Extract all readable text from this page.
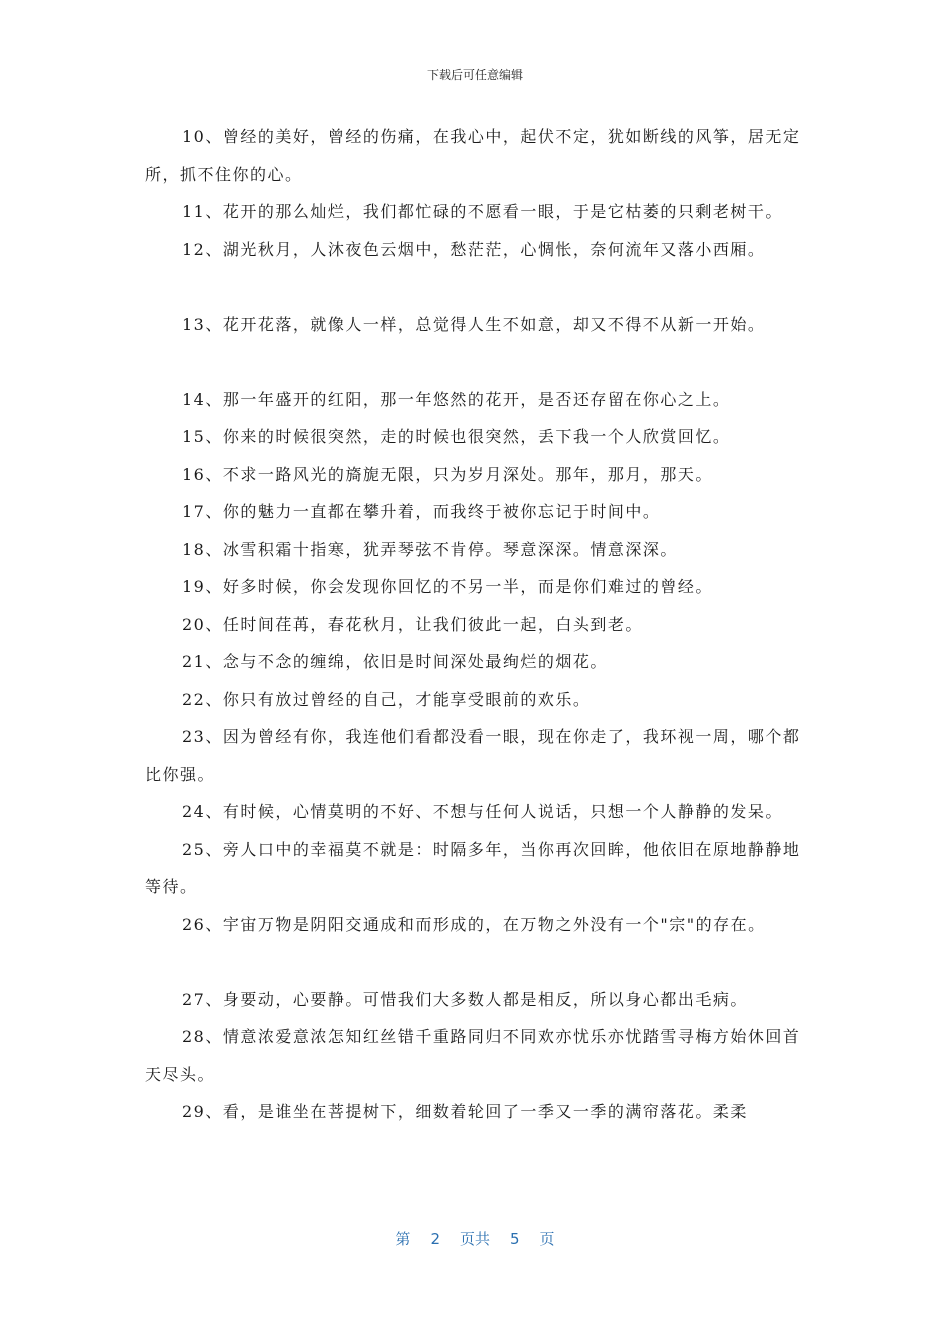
下载后可任意编辑

10、曾经的美好，曾经的伤痛，在我心中，起伏不定，犹如断线的风筝，居无定所，抓不住你的心。

11、花开的那么灿烂，我们都忙碌的不愿看一眼，于是它枯萎的只剩老树干。

12、湖光秋月，人沐夜色云烟中，愁茫茫，心惆怅，奈何流年又落小西厢。

13、花开花落，就像人一样，总觉得人生不如意，却又不得不从新一开始。

14、那一年盛开的红阳，那一年悠然的花开，是否还存留在你心之上。

15、你来的时候很突然，走的时候也很突然，丢下我一个人欣赏回忆。

16、不求一路风光的旖旎无限，只为岁月深处。那年，那月，那天。

17、你的魅力一直都在攀升着，而我终于被你忘记于时间中。

18、冰雪积霜十指寒，犹弄琴弦不肯停。琴意深深。情意深深。

19、好多时候，你会发现你回忆的不另一半，而是你们难过的曾经。

20、任时间荏苒，春花秋月，让我们彼此一起，白头到老。

21、念与不念的缠绵，依旧是时间深处最绚烂的烟花。

22、你只有放过曾经的自己，才能享受眼前的欢乐。

23、因为曾经有你，我连他们看都没看一眼，现在你走了，我环视一周，哪个都比你强。

24、有时候，心情莫明的不好、不想与任何人说话，只想一个人静静的发呆。

25、旁人口中的幸福莫不就是：时隔多年，当你再次回眸，他依旧在原地静静地等待。

26、宇宙万物是阴阳交通成和而形成的，在万物之外没有一个"宗"的存在。

27、身要动，心要静。可惜我们大多数人都是相反，所以身心都出毛病。

28、情意浓爱意浓怎知红丝错千重路同归不同欢亦忧乐亦忧踏雪寻梅方始休回首天尽头。

29、看，是谁坐在菩提树下，细数着轮回了一季又一季的满帘落花。柔柔

第 2 页共 5 页
